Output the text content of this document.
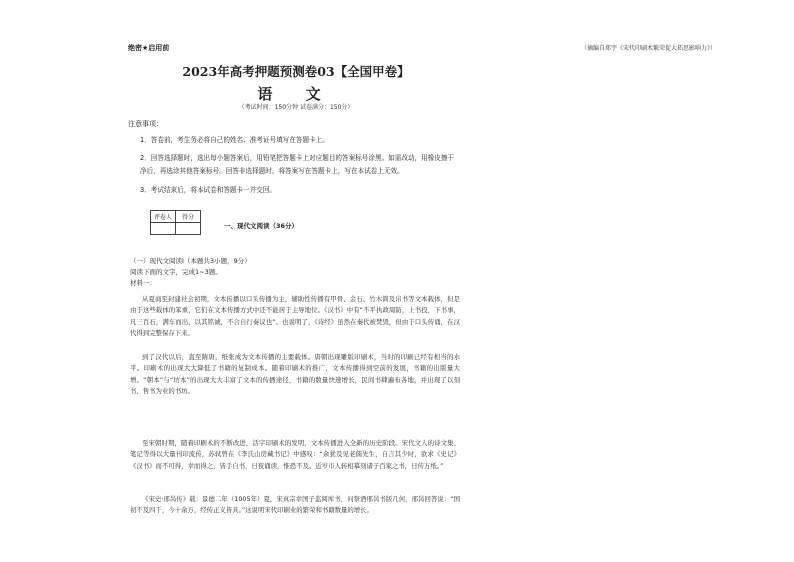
绝密★启用前
2023年高考押题预测卷03【全国甲卷】
语 文
（考试时间：150分钟 试卷满分：150分）
注意事项：
1．答卷前，考生务必将自己的姓名、准考证号填写在答题卡上。
2．回答选择题时，选出每小题答案后，用铅笔把答题卡上对应题目的答案标号涂黑。如需改动，用橡皮擦干净后，再选涂其他答案标号。回答非选择题时，将答案写在答题卡上，写在本试卷上无效。
3．考试结束后，将本试卷和答题卡一并交回。
评卷人	得分

一、现代文阅读（36分）
（一）现代文阅读Ⅰ（本题共3小题，9分）
阅读下面的文字，完成1~3题。
材料一：
从夏商至封建社会初期，文本传播以口头传播为主，辅助性传播有甲骨、金石、竹木简及帛书等文本载体，但是由于这些载体的笨重，它们在文本传播方式中还不能居于主导地位。《汉书》中有“不平执政周防，上书投，下书事，凡三百石，满车而出，以其铭诚，不合自行奏议也”。也说明了，《诗经》虽然在秦代被焚毁，但由于口头传诵，在汉代得到完整保存下来。
到了汉代以后，直至隋唐，纸张成为文本传播的主要载体。唐朝出现雕版印刷术，当时的印刷已经有相当的水平。印刷术的出现大大降低了书籍的复制成本。随着印刷术的推广，文本传播得到空前的发展，书籍的出版量大增。“朝本”与“坊本”的出现大大丰富了文本的传播途径，书籍的数量快速增长，民间书肆遍布各地，并出现了以刻书、售书为业的书坊。
至宋朝时期，随着印刷术的不断改进，活字印刷术的发明，文本传播进入全新的历史阶段。宋代文人的诗文集、笔记等得以大量刊印流传，苏轼曾在《李氏山房藏书记》中感叹：“余犹及见老儒先生，自言其少时，欲求《史记》《汉书》而不可得，幸而得之，皆手自书，日夜诵读，惟恐不及。近岁市人转相摹刻诸子百家之书，日传万纸。”
《宋史·邢昺传》载：景德二年（1005年）夏，宋真宗幸国子监阅库书，问祭酒邢昺书版几何，邢昺回答说：“国初不及四千，今十余万，经传正义皆具。”这说明宋代印刷业的繁荣和书籍数量的增长。
（摘编自郑宇《宋代印刷术繁荣促大拓思影响力》）
